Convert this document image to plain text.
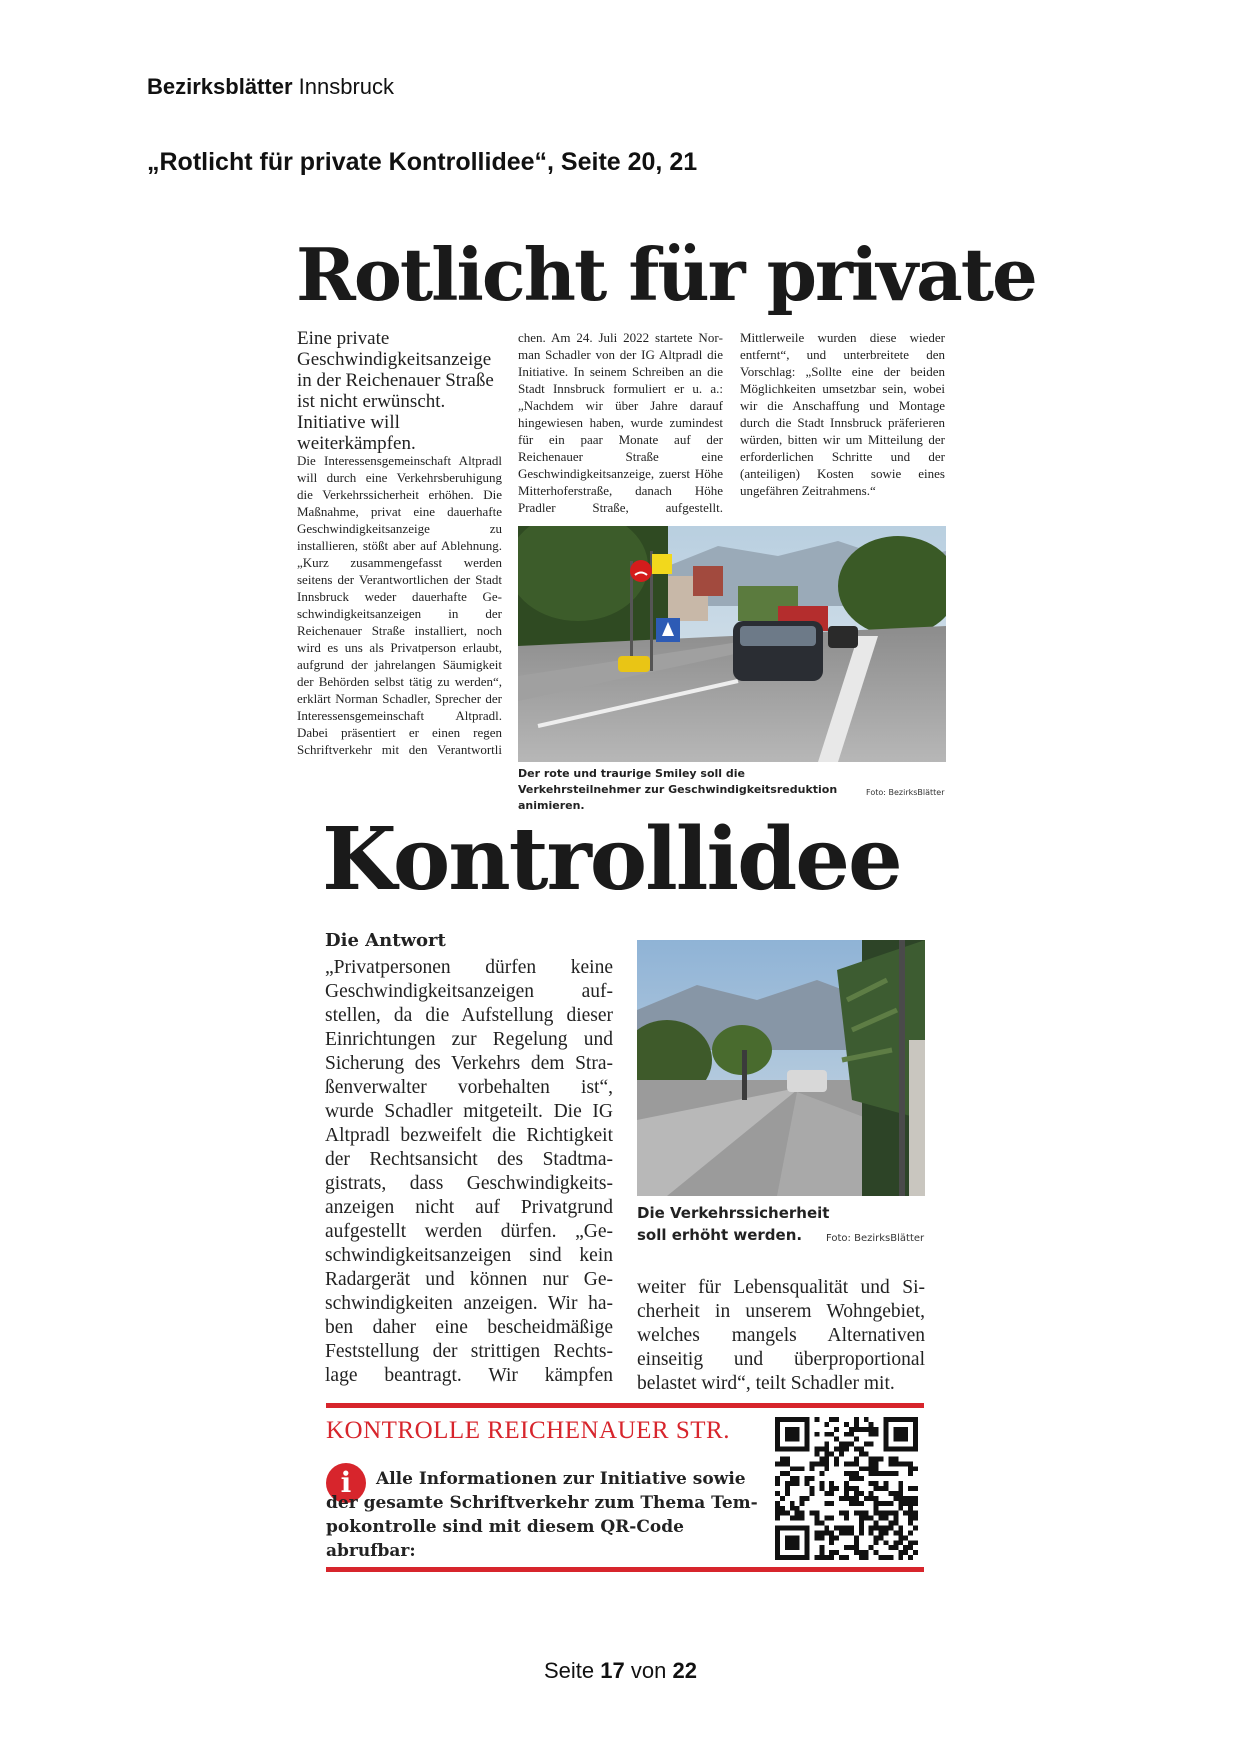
Bezirksblätter Innsbruck
„Rotlicht für private Kontrollidee“, Seite 20, 21
Rotlicht für private
Eine private Geschwindigkeitsanzeige in der Reichenauer Straße ist nicht erwünscht. Initiative will weiterkämpfen.
Die Interessensgemeinschaft Altpradl will durch eine Verkehrsberuhigung die Verkehrssicherheit erhöhen. Die Maßnahme, privat eine dauerhafte Geschwindigkeitsanzeige zu installieren, stößt aber auf Ablehnung. „Kurz zusammengefasst werden seitens der Verantwortlichen der Stadt Innsbruck weder dauerhafte Geschwindigkeitsanzeigen in der Reichenauer Straße installiert, noch wird es uns als Privatperson erlaubt, aufgrund der jahrelangen Säumigkeit der Behörden selbst tätig zu werden“, erklärt Norman Schadler, Sprecher der Interessensgemeinschaft Altpradl. Dabei präsentiert er einen regen Schriftverkehr mit den Verantwortli
chen. Am 24. Juli 2022 startete Norman Schadler von der IG Altpradl die Initiative. In seinem Schreiben an die Stadt Innsbruck formuliert er u. a.: „Nachdem wir über Jahre darauf hingewiesen haben, wurde zumindest für ein paar Monate auf der Reichenauer Straße eine Geschwindigkeitsanzeige, zuerst Höhe Mitterhoferstraße, danach Höhe Pradler Straße, aufgestellt.
Mittlerweile wurden diese wieder entfernt“, und unterbreitete den Vorschlag: „Sollte eine der beiden Möglichkeiten umsetzbar sein, wobei wir die Anschaffung und Montage durch die Stadt Innsbruck präferieren würden, bitten wir um Mitteilung der erforderlichen Schritte und der (anteiligen) Kosten sowie eines ungefähren Zeitrahmens.“
Der rote und traurige Smiley soll die Verkehrsteilnehmer zur Geschwindigkeitsreduktion animieren.
Foto: BezirksBlätter
Kontrollidee
Die Antwort
„Privatpersonen dürfen keine Geschwindigkeitsanzeigen aufstellen, da die Aufstellung dieser Einrichtungen zur Regelung und Sicherung des Verkehrs dem Straßenverwalter vorbehalten ist“, wurde Schadler mitgeteilt. Die IG Altpradl bezweifelt die Richtigkeit der Rechtsansicht des Stadtmagistrats, dass Geschwindigkeitsanzeigen nicht auf Privatgrund aufgestellt werden dürfen. „Geschwindigkeitsanzeigen sind kein Radargerät und können nur Geschwindigkeiten anzeigen. Wir haben daher eine bescheidmäßige Feststellung der strittigen Rechtslage beantragt. Wir kämpfen
Die Verkehrssicherheit soll erhöht werden.	Foto: BezirksBlätter
weiter für Lebensqualität und Sicherheit in unserem Wohngebiet, welches mangels Alternativen einseitig und überproportional belastet wird“, teilt Schadler mit.
KONTROLLE REICHENAUER STR.
i	Alle Informationen zur Initiative sowie der gesamte Schriftverkehr zum Thema Tempokontrolle sind mit diesem QR-Code abrufbar:
Seite 17 von 22
